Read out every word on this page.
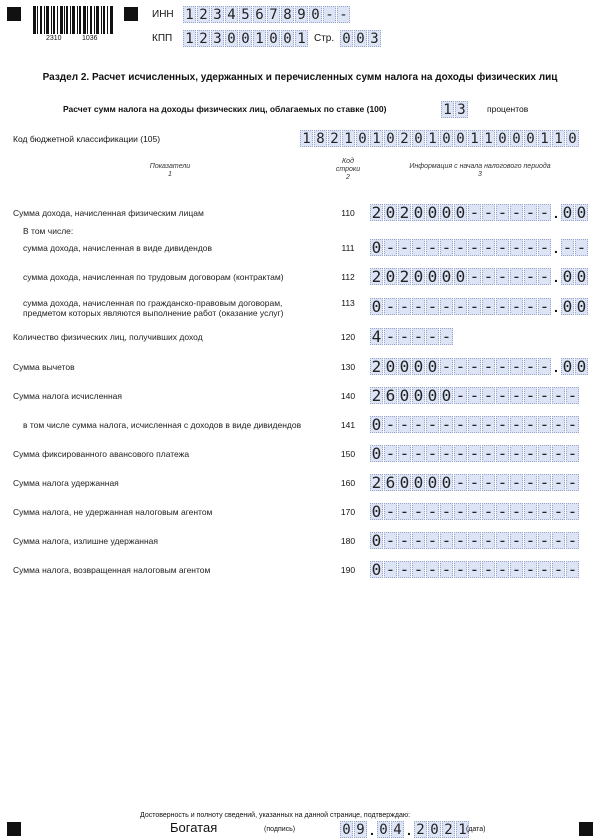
2310	1036
ИНН 1 2 3 4 5 6 7 8 9 0 - -
КПП 1 2 3 0 0 1 0 0 1 Стр. 0 0 3
Раздел 2. Расчет исчисленных, удержанных и перечисленных сумм налога на доходы физических лиц
Расчет сумм налога на доходы физических лиц, облагаемых по ставке (100)	1 3	процентов
Код бюджетной классификации (105)	1 8 2 1 0 1 0 2 0 1 0 0 1 1 0 0 0 1 1 0
Показатели
1
Код строки
2
Информация с начала налогового периода
3
Сумма дохода, начисленная физическим лицам	110	2 0 2 0 0 0 0 - - - - - - . 0 0
В том числе:
сумма дохода, начисленная в виде дивидендов	111	0 - - - - - - - - - - - - . - -
сумма дохода, начисленная по трудовым договорам (контрактам)	112	2 0 2 0 0 0 0 - - - - - - . 0 0
сумма дохода, начисленная по гражданско-правовым договорам,
предметом которых являются выполнение работ (оказание услуг)
113	0 - - - - - - - - - - - - . 0 0
Количество физических лиц, получивших доход	120	4 - - - - -
Сумма вычетов	130	2 0 0 0 0 - - - - - - - - . 0 0
Сумма налога исчисленная	140	2 6 0 0 0 0 - - - - - - - - -
в том числе сумма налога, исчисленная с доходов в виде дивидендов	141	0 - - - - - - - - - - - - - -
Сумма фиксированного авансового платежа	150	0 - - - - - - - - - - - - - -
Сумма налога удержанная	160	2 6 0 0 0 0 - - - - - - - - -
Сумма налога, не удержанная налоговым агентом	170	0 - - - - - - - - - - - - - -
Сумма налога, излишне удержанная	180	0 - - - - - - - - - - - - - -
Сумма налога, возвращенная налоговым агентом	190	0 - - - - - - - - - - - - - -
Достоверность и полноту сведений, указанных на данной странице, подтверждаю:
Богатая	(подпись)	0 9 . 0 4 . 2 0 2 1 (дата)
